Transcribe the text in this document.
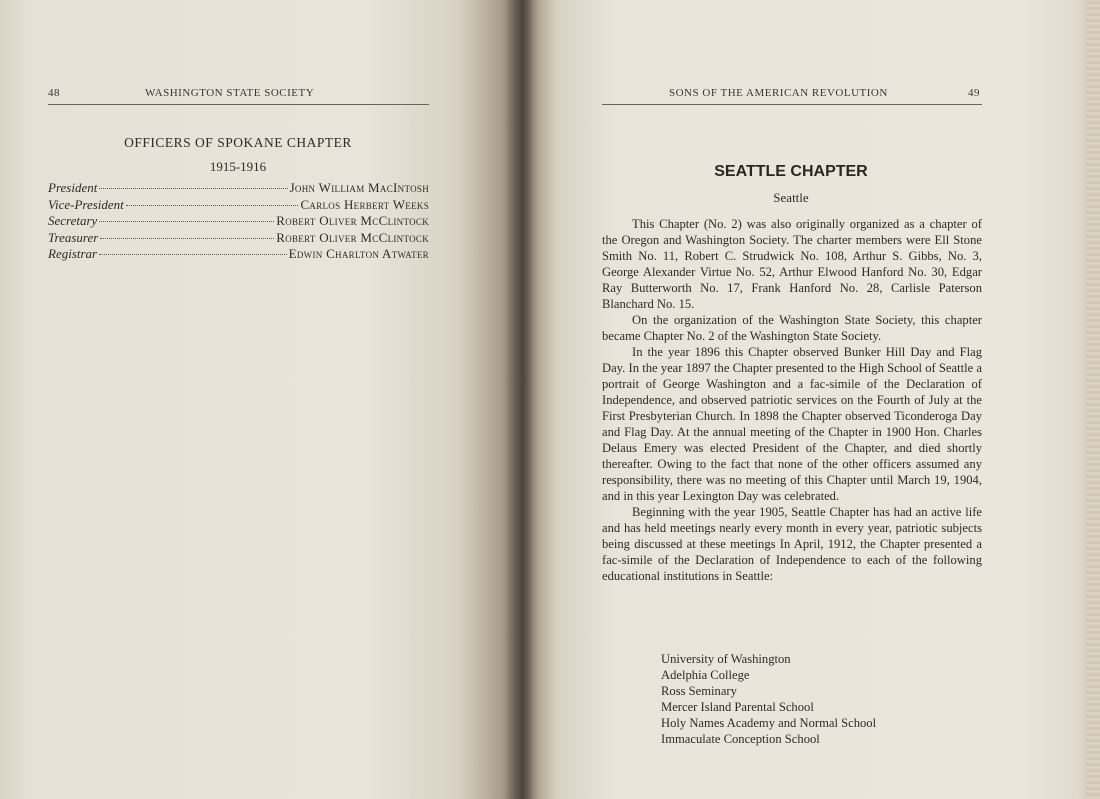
48	WASHINGTON STATE SOCIETY
OFFICERS OF SPOKANE CHAPTER
1915-1916
President	John William MacIntosh
Vice-President	Carlos Herbert Weeks
Secretary	Robert Oliver McClintock
Treasurer	Robert Oliver McClintock
Registrar	Edwin Charlton Atwater
SONS OF THE AMERICAN REVOLUTION	49
SEATTLE CHAPTER
Seattle

This Chapter (No. 2) was also originally organized as a chapter of the Oregon and Washington Society. The charter members were Ell Stone Smith No. 11, Robert C. Strudwick No. 108, Arthur S. Gibbs, No. 3, George Alexander Virtue No. 52, Arthur Elwood Hanford No. 30, Edgar Ray Butterworth No. 17, Frank Hanford No. 28, Carlisle Paterson Blanchard No. 15.

On the organization of the Washington State Society, this chapter became Chapter No. 2 of the Washington State Society.

In the year 1896 this Chapter observed Bunker Hill Day and Flag Day. In the year 1897 the Chapter presented to the High School of Seattle a portrait of George Washington and a fac-simile of the Declaration of Independence, and observed patriotic services on the Fourth of July at the First Presbyterian Church. In 1898 the Chapter observed Ticonderoga Day and Flag Day. At the annual meeting of the Chapter in 1900 Hon. Charles Delaus Emery was elected President of the Chapter, and died shortly thereafter. Owing to the fact that none of the other officers assumed any responsibility, there was no meeting of this Chapter until March 19, 1904, and in this year Lexington Day was celebrated.

Beginning with the year 1905, Seattle Chapter has had an active life and has held meetings nearly every month in every year, patriotic subjects being discussed at these meetings In April, 1912, the Chapter presented a fac-simile of the Declaration of Independence to each of the following educational institutions in Seattle:

University of Washington
Adelphia College
Ross Seminary
Mercer Island Parental School
Holy Names Academy and Normal School
Immaculate Conception School
